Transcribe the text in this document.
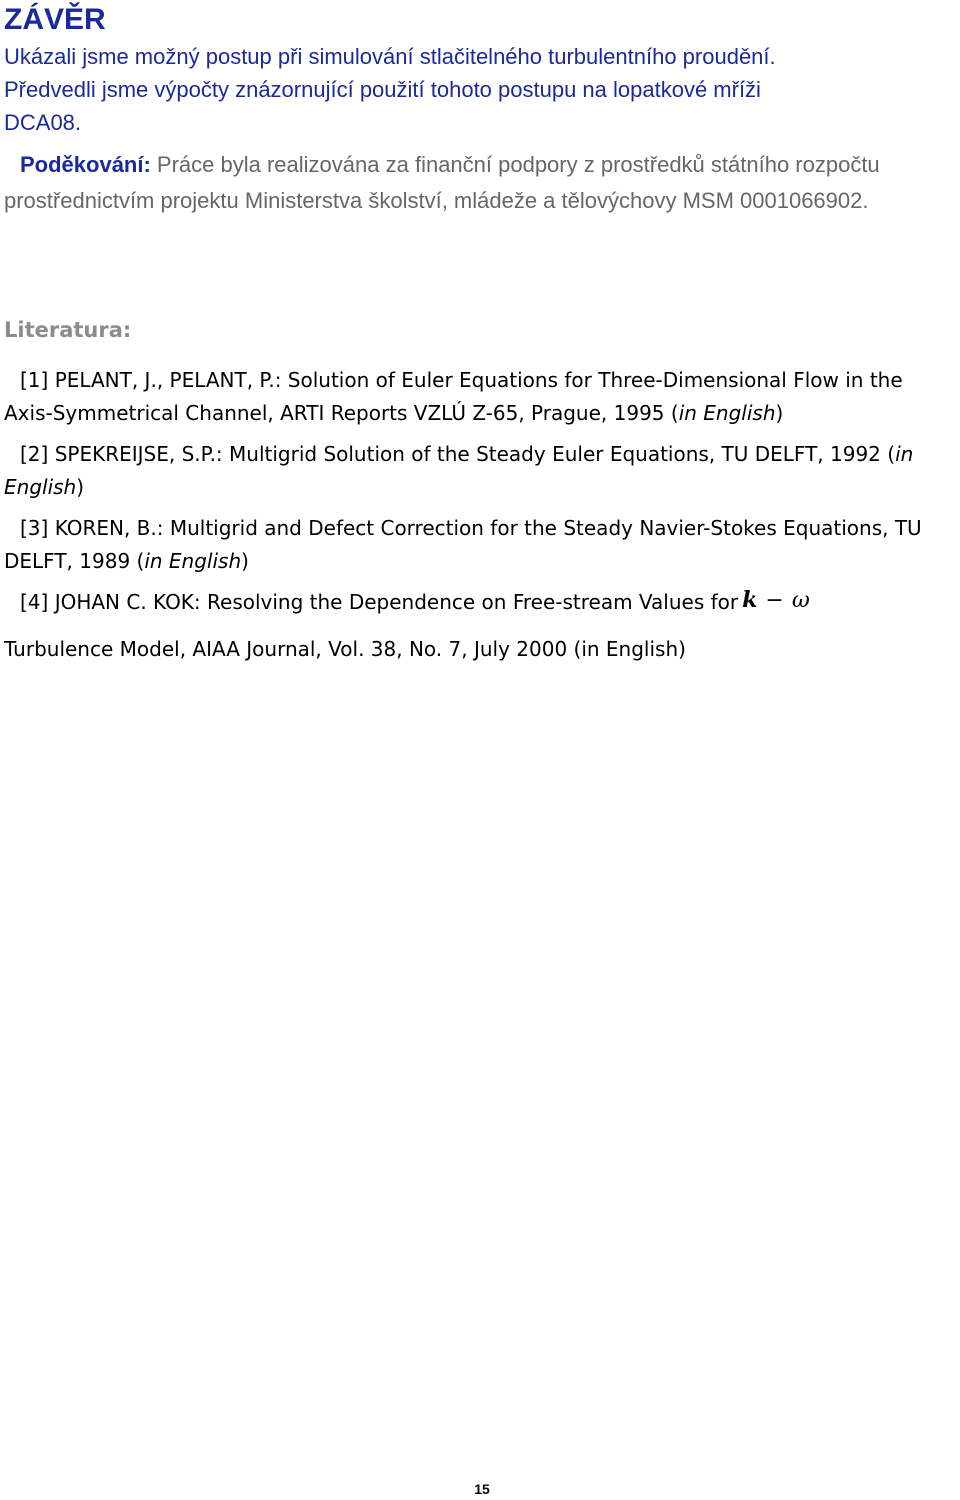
ZÁVĚR

Ukázali jsme možný postup při simulování stlačitelného turbulentního proudění.
Předvedli jsme výpočty znázornující použití tohoto postupu na lopatkové mříži
DCA08.

Poděkování: Práce byla realizována za finanční podpory z prostředků státního rozpočtu prostřednictvím projektu Ministerstva školství, mládeže a tělovýchovy MSM 0001066902.

Literatura:
[1] PELANT, J., PELANT, P.: Solution of Euler Equations for Three-Dimensional Flow in the Axis-Symmetrical Channel, ARTI Reports VZLÚ Z-65, Prague, 1995 (in English)
[2] SPEKREIJSE, S.P.: Multigrid Solution of the Steady Euler Equations, TU DELFT, 1992 (in English)
[3] KOREN, B.: Multigrid and Defect Correction for the Steady Navier-Stokes Equations, TU DELFT, 1989 (in English)
[4] JOHAN C. KOK: Resolving the Dependence on Free-stream Values for k − ω
Turbulence Model, AIAA Journal, Vol. 38, No. 7, July 2000 (in English)
15
